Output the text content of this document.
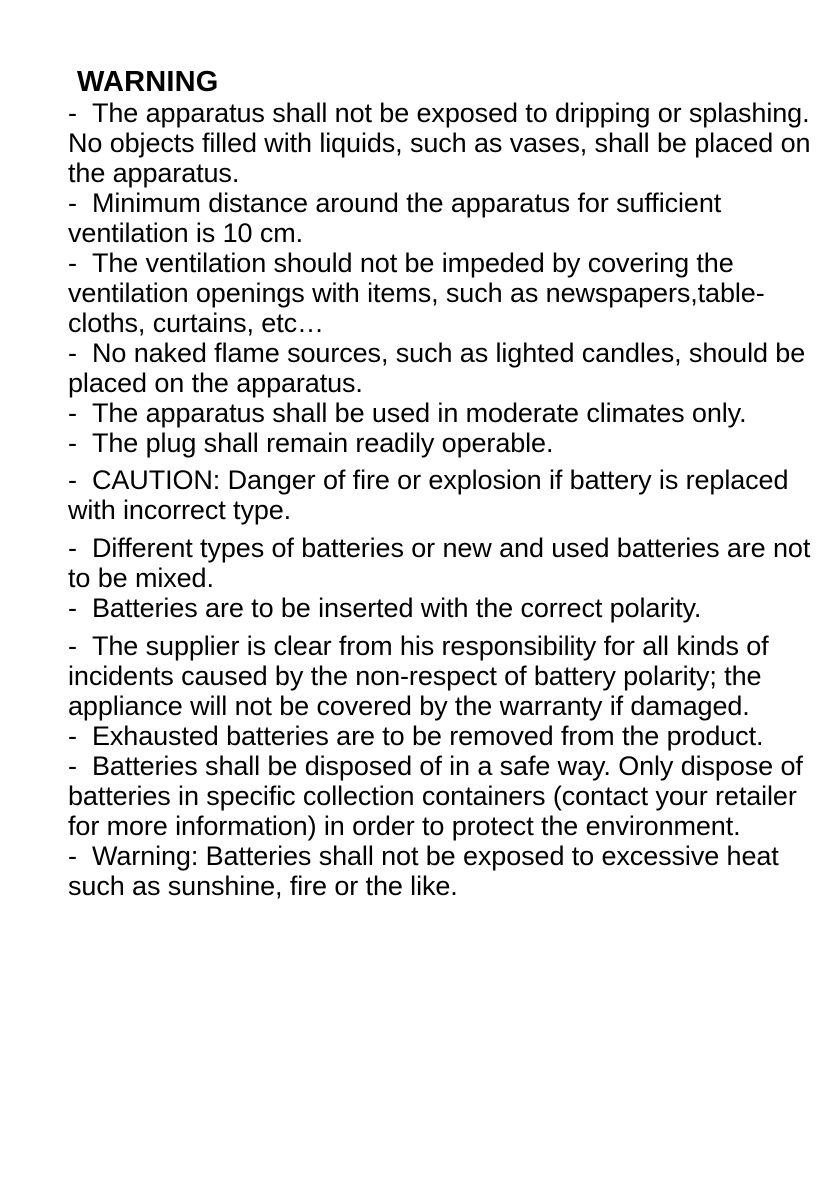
WARNING
- The apparatus shall not be exposed to dripping or splashing. No objects filled with liquids, such as vases, shall be placed on the apparatus.
- Minimum distance around the apparatus for sufficient ventilation is 10 cm.
- The ventilation should not be impeded by covering the ventilation openings with items, such as newspapers,table-cloths, curtains, etc…
- No naked flame sources, such as lighted candles, should be placed on the apparatus.
- The apparatus shall be used in moderate climates only.
- The plug shall remain readily operable.
- CAUTION: Danger of fire or explosion if battery is replaced with incorrect type.
- Different types of batteries or new and used batteries are not to be mixed.
- Batteries are to be inserted with the correct polarity.
- The supplier is clear from his responsibility for all kinds of incidents caused by the non-respect of battery polarity; the appliance will not be covered by the warranty if damaged.
- Exhausted batteries are to be removed from the product.
- Batteries shall be disposed of in a safe way. Only dispose of batteries in specific collection containers (contact your retailer for more information) in order to protect the environment.
- Warning: Batteries shall not be exposed to excessive heat such as sunshine, fire or the like.
